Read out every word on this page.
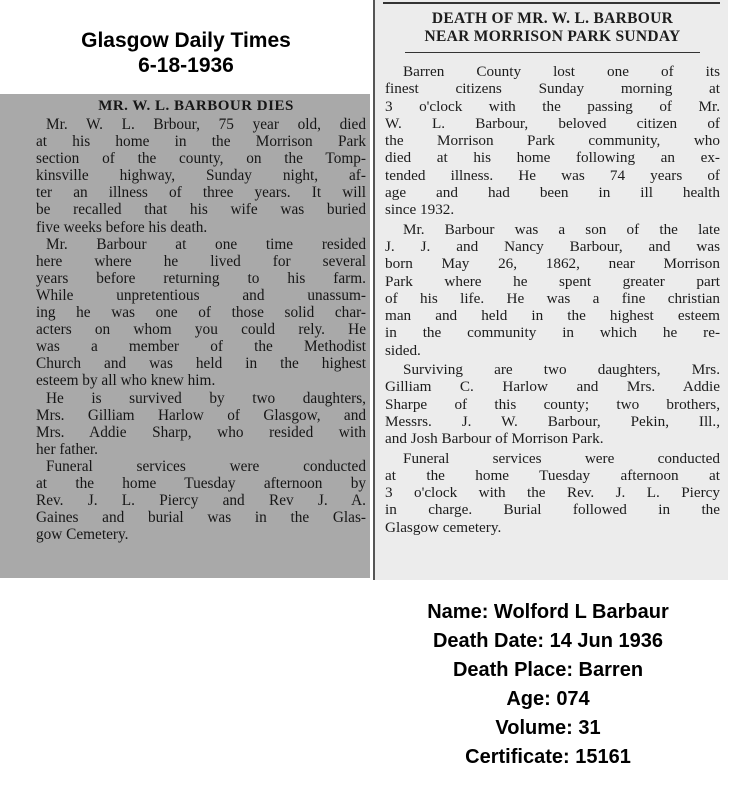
Glasgow Daily Times
6-18-1936
MR. W. L. BARBOUR DIES
Mr. W. L. Brbour, 75 year old, died
at his home in the Morrison Park
section of the county, on the Tomp-
kinsville highway, Sunday night, af-
ter an illness of three years. It will
be recalled that his wife was buried
five weeks before his death.
Mr. Barbour at one time resided
here where he lived for several
years before returning to his farm.
While unpretentious and unassum-
ing he was one of those solid char-
acters on whom you could rely. He
was a member of the Methodist
Church and was held in the highest
esteem by all who knew him.
He is survived by two daughters,
Mrs. Gilliam Harlow of Glasgow, and
Mrs. Addie Sharp, who resided with
her father.
Funeral services were conducted
at the home Tuesday afternoon by
Rev. J. L. Piercy and Rev J. A.
Gaines and burial was in the Glas-
gow Cemetery.
DEATH OF MR. W. L. BARBOUR
NEAR MORRISON PARK SUNDAY
Barren County lost one of its
finest citizens Sunday morning at
3 o'clock with the passing of Mr.
W. L. Barbour, beloved citizen of
the Morrison Park community, who
died at his home following an ex-
tended illness. He was 74 years of
age and had been in ill health
since 1932.
Mr. Barbour was a son of the late
J. J. and Nancy Barbour, and was
born May 26, 1862, near Morrison
Park where he spent greater part
of his life. He was a fine christian
man and held in the highest esteem
in the community in which he re-
sided.
Surviving are two daughters, Mrs.
Gilliam C. Harlow and Mrs. Addie
Sharpe of this county; two brothers,
Messrs. J. W. Barbour, Pekin, Ill.,
and Josh Barbour of Morrison Park.
Funeral services were conducted
at the home Tuesday afternoon at
3 o'clock with the Rev. J. L. Piercy
in charge. Burial followed in the
Glasgow cemetery.
Name: Wolford L Barbaur
Death Date: 14 Jun 1936
Death Place: Barren
Age: 074
Volume: 31
Certificate: 15161
